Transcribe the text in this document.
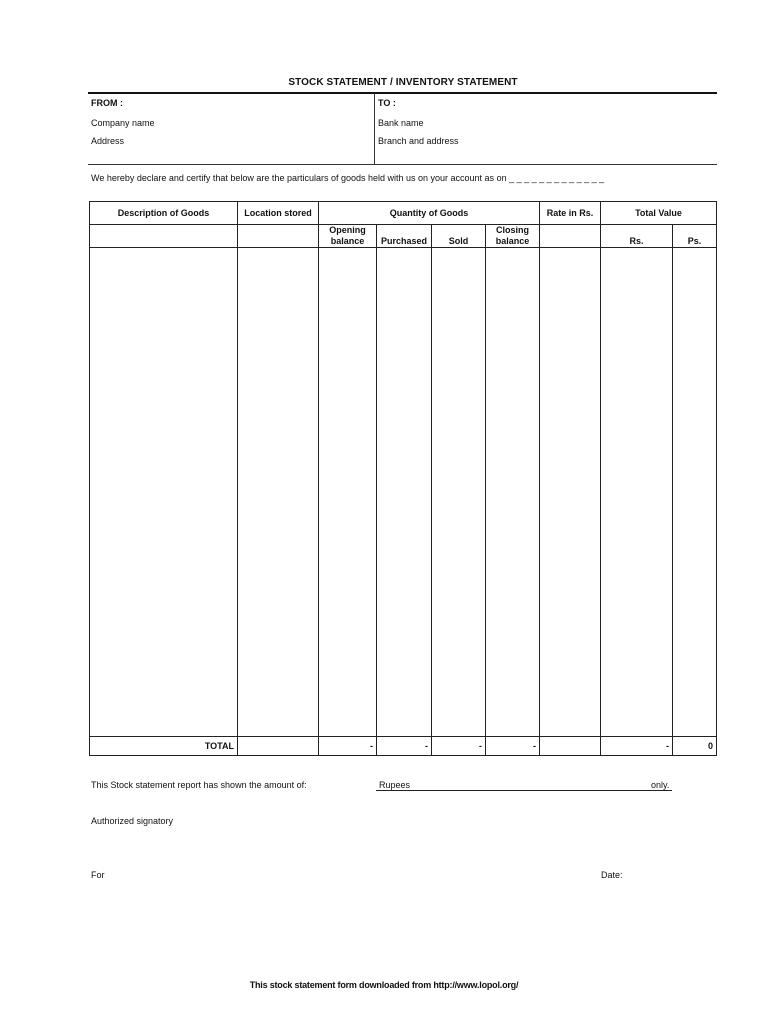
STOCK STATEMENT / INVENTORY STATEMENT
FROM :
Company name
Address
TO :
Bank name
Branch and address
We hereby declare and certify that below are the particulars of goods held with us on your account as on _ _ _ _ _ _ _ _ _ _ _ _ _
Description of Goods	Location stored	Quantity of Goods				Rate in Rs.	Total Value	
		Opening balance	Purchased	Sold	Closing balance		Rs.	Ps.

TOTAL		-	-	-	-		-	0
This Stock statement report has shown the amount of:	Rupees	only.
Authorized signatory
For	Date:
This stock statement form downloaded from http://www.lopol.org/
